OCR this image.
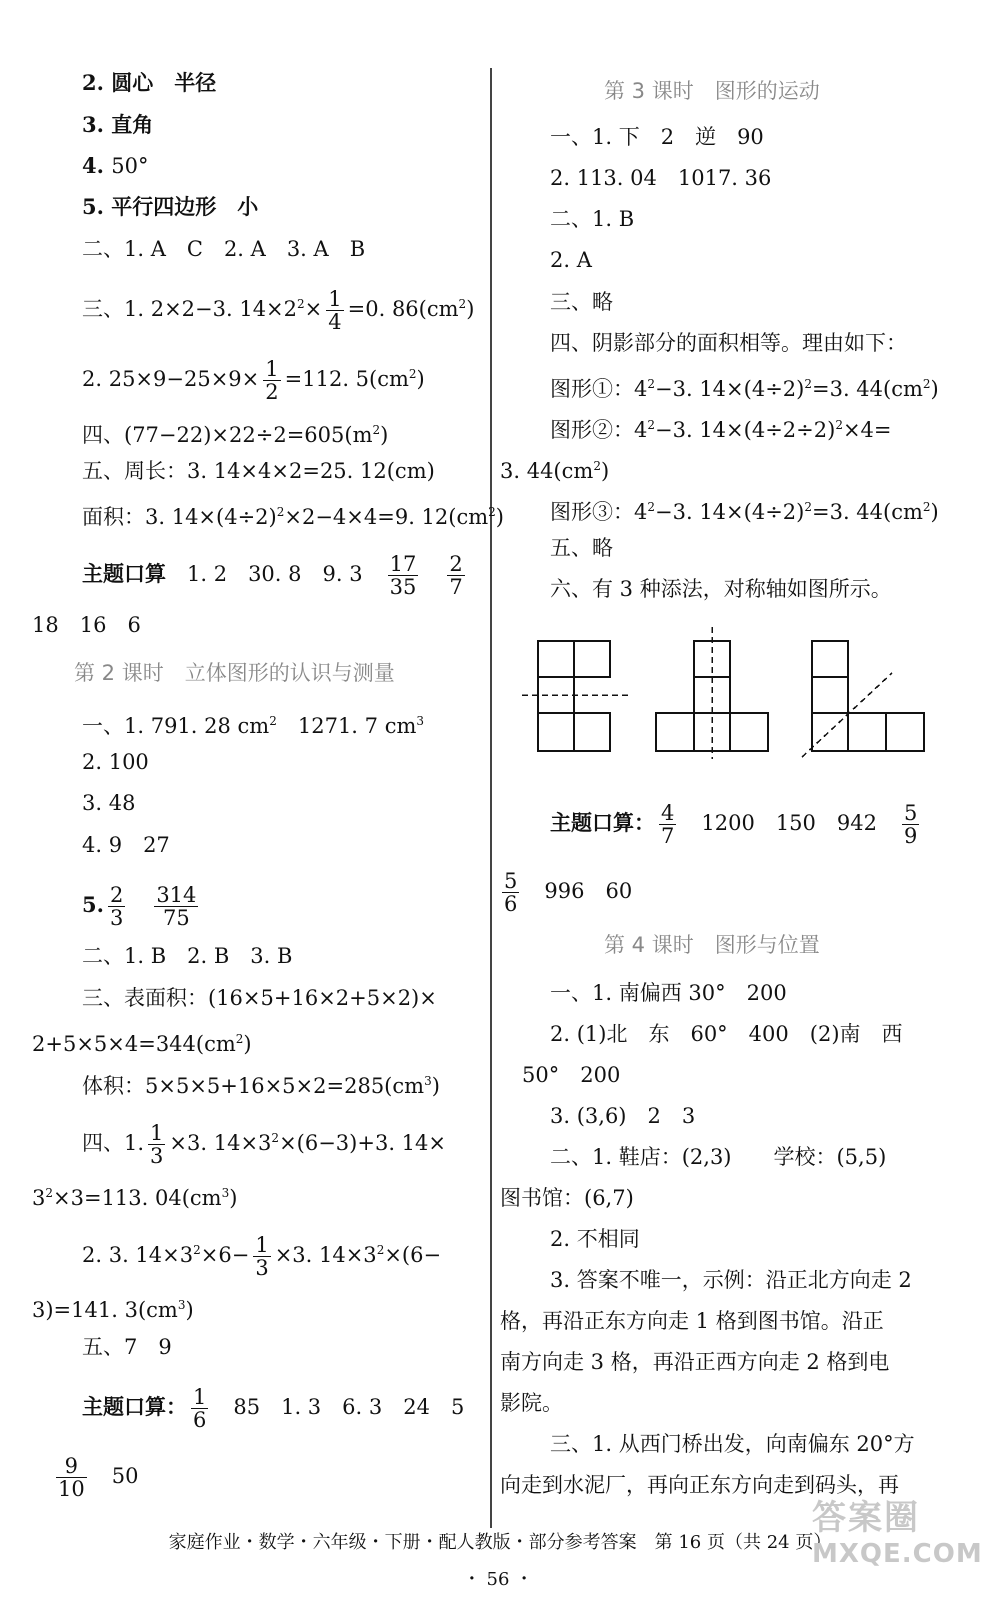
2. 圆心　半径
3. 直角
4. 50°
5. 平行四边形　小
二、1. A　C　2. A　3. A　B
三、1. 2×2−3. $14\times 2^2\times \frac{1}{4} =0$. $86(cm^2)$
2. $25\times 9-25\times 9\times \frac{1}{2} =112$. $5(cm^2)$
四、$(77-22)\times 22\div 2=605(m^2)$
五、周长：3. 14×4×2=25. 12(cm)
面积：3. $14\times(4\div 2)^2\times 2-4\times 4=9$. $12(cm^2)$
主题口算　 1. 2　30. 8　9. 3　 $\frac{17}{35}$
　 $\frac{2}{7}$
18　16　6
第 2 课时　立体图形的认识与测量
一、1. 791. 28 $cm^2$　1271. 7 $cm^3$
2. 100
3. 48
4. 9　27
5. $\frac{2}{3}$
　 $\frac{314}{75}$
二、1. B　2. B　3. B
三、表面积：(16×5+16×2+5×2)×
$2+5\times 5\times 4=344(cm^2)$
体积：$5\times 5\times 5+16\times 5\times 2=285(cm^3)$
四、1. $\frac{1}{3} \times 3$. $14\times 3^2\times(6-3)+3$. 14×
$3^2\times 3=113$. $04(cm^3)$
2. 3. $14\times 3^2\times 6- \frac{1}{3} \times 3$. $14\times 3^2\times(6-$
3)=141. $3(cm^3)$
五、7　9
主题口算： $\frac{1}{6}$
　 85　1. 3　6. 3　24　5
$\frac{9}{10}$
　 50
第 3 课时　图形的运动
一、1. 下　2　逆　90
2. 113. 04　1017. 36
二、1. B
2. A
三、略
四、阴影部分的面积相等。理由如下：
图形①：$4^2-3$. $14\times(4\div 2)^2=3$. $44(cm^2)$
图形②：$4^2-3$. $14\times(4\div 2\div 2)^2\times 4=$
3. $44(cm^2)$
图形③：$4^2-3$. $14\times(4\div 2)^2=3$. $44(cm^2)$
五、略
六、有 3 种添法，对称轴如图所示。
主题口算： $\frac{4}{7}$
　 1200　150　942　 $\frac{5}{9}$
$\frac{5}{6}$
　 996　60
第 4 课时　图形与位置
一、1. 南偏西 30°　200
2. (1)北　东　60°　400　(2)南　西
50°　200
3. (3,6)　2　3
二、1. 鞋店：(2,3)　　学校：(5,5)
图书馆：(6,7)
2. 不相同
3. 答案不唯一，示例：沿正北方向走 2
格，再沿正东方向走 1 格到图书馆。沿正
南方向走 3 格，再沿正西方向走 2 格到电
影院。
三、1. 从西门桥出发，向南偏东 20°方
向走到水泥厂，再向正东方向走到码头，再
家庭作业・数学・六年级・下册・配人教版・部分参考答案　第 16 页（共 24 页）
・ 56 ・
答案圈
MXQE.COM
